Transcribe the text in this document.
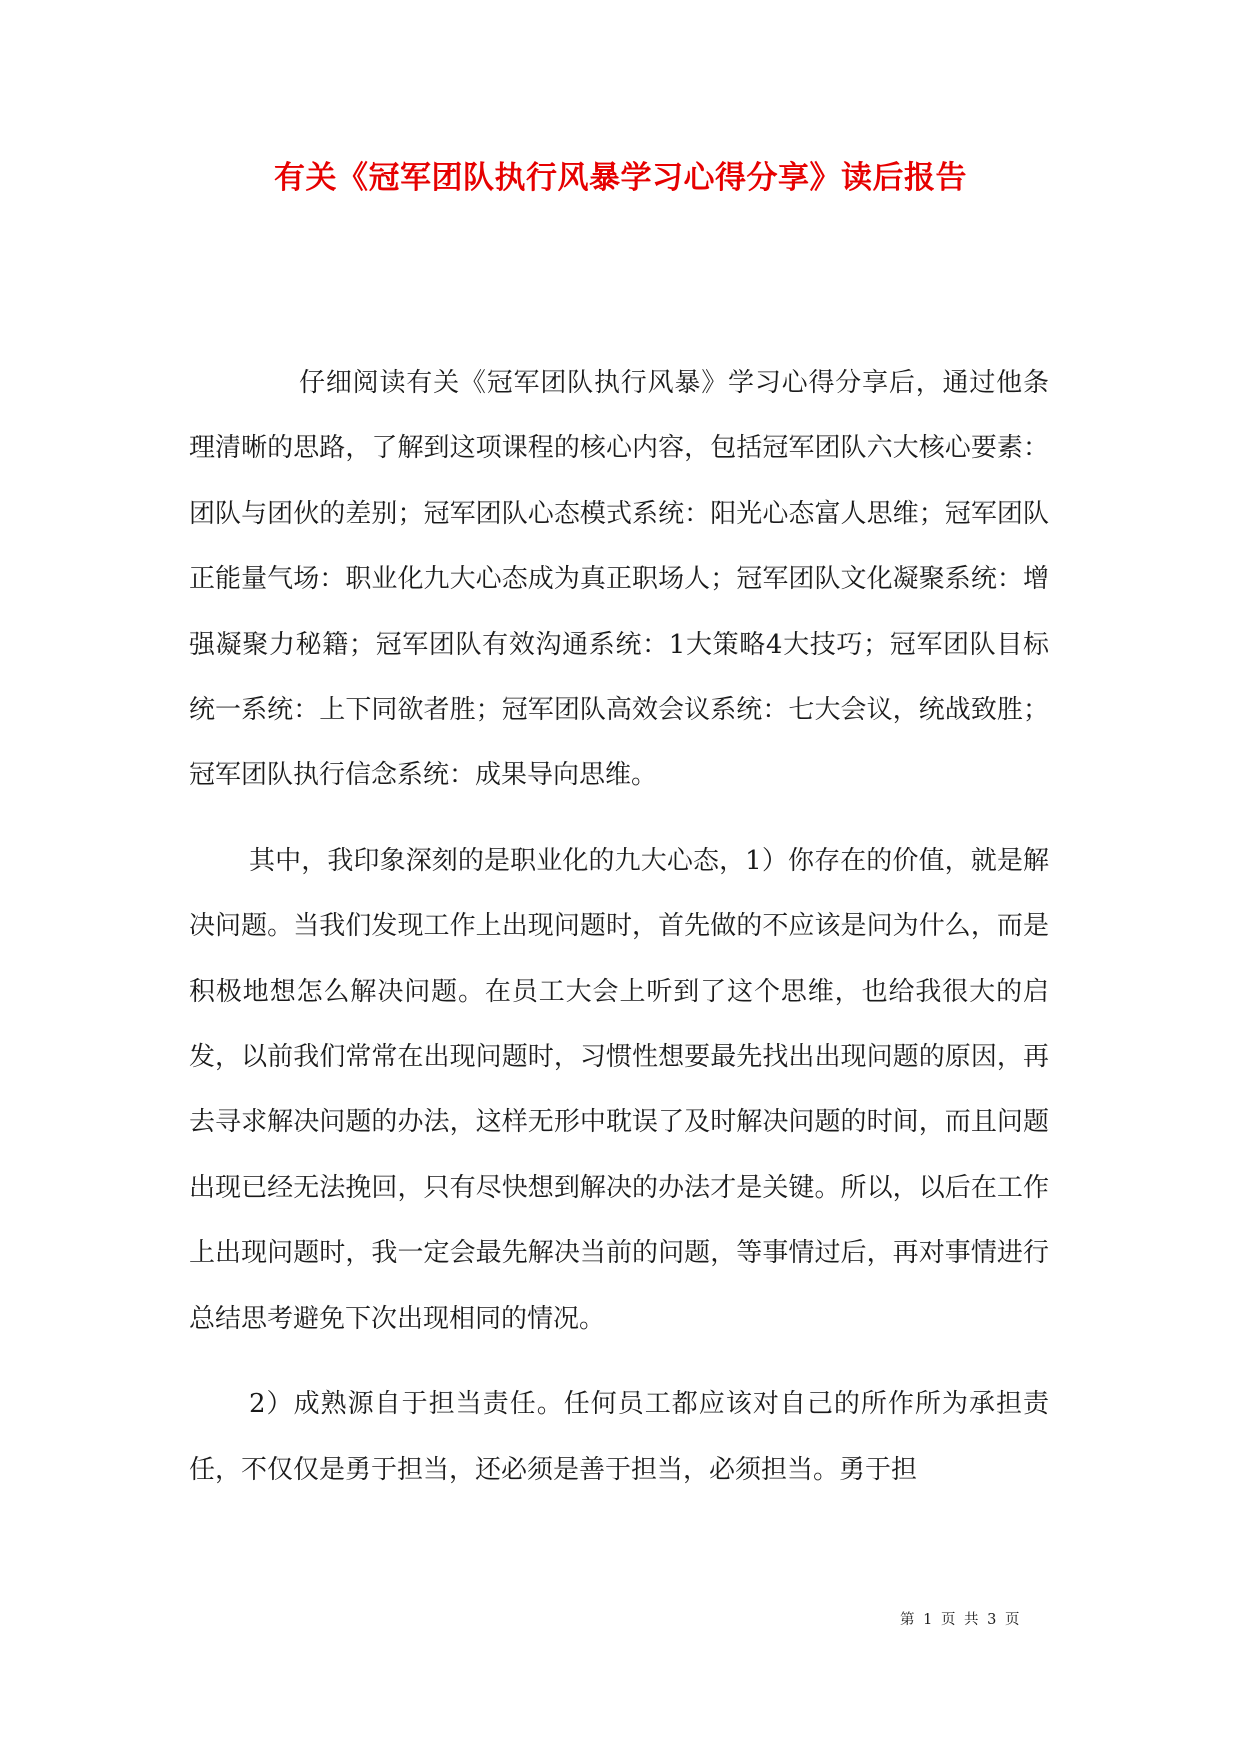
有关《冠军团队执行风暴学习心得分享》读后报告

仔细阅读有关《冠军团队执行风暴》学习心得分享后，通过他条理清晰的思路，了解到这项课程的核心内容，包括冠军团队六大核心要素：团队与团伙的差别；冠军团队心态模式系统：阳光心态富人思维；冠军团队正能量气场：职业化九大心态成为真正职场人；冠军团队文化凝聚系统：增强凝聚力秘籍；冠军团队有效沟通系统：1大策略4大技巧；冠军团队目标统一系统：上下同欲者胜；冠军团队高效会议系统：七大会议，统战致胜；冠军团队执行信念系统：成果导向思维。

其中，我印象深刻的是职业化的九大心态，1）你存在的价值，就是解决问题。当我们发现工作上出现问题时，首先做的不应该是问为什么，而是积极地想怎么解决问题。在员工大会上听到了这个思维，也给我很大的启发，以前我们常常在出现问题时，习惯性想要最先找出出现问题的原因，再去寻求解决问题的办法，这样无形中耽误了及时解决问题的时间，而且问题出现已经无法挽回，只有尽快想到解决的办法才是关键。所以，以后在工作上出现问题时，我一定会最先解决当前的问题，等事情过后，再对事情进行总结思考避免下次出现相同的情况。

2）成熟源自于担当责任。任何员工都应该对自己的所作所为承担责任，不仅仅是勇于担当，还必须是善于担当，必须担当。勇于担

第 1 页 共 3 页
